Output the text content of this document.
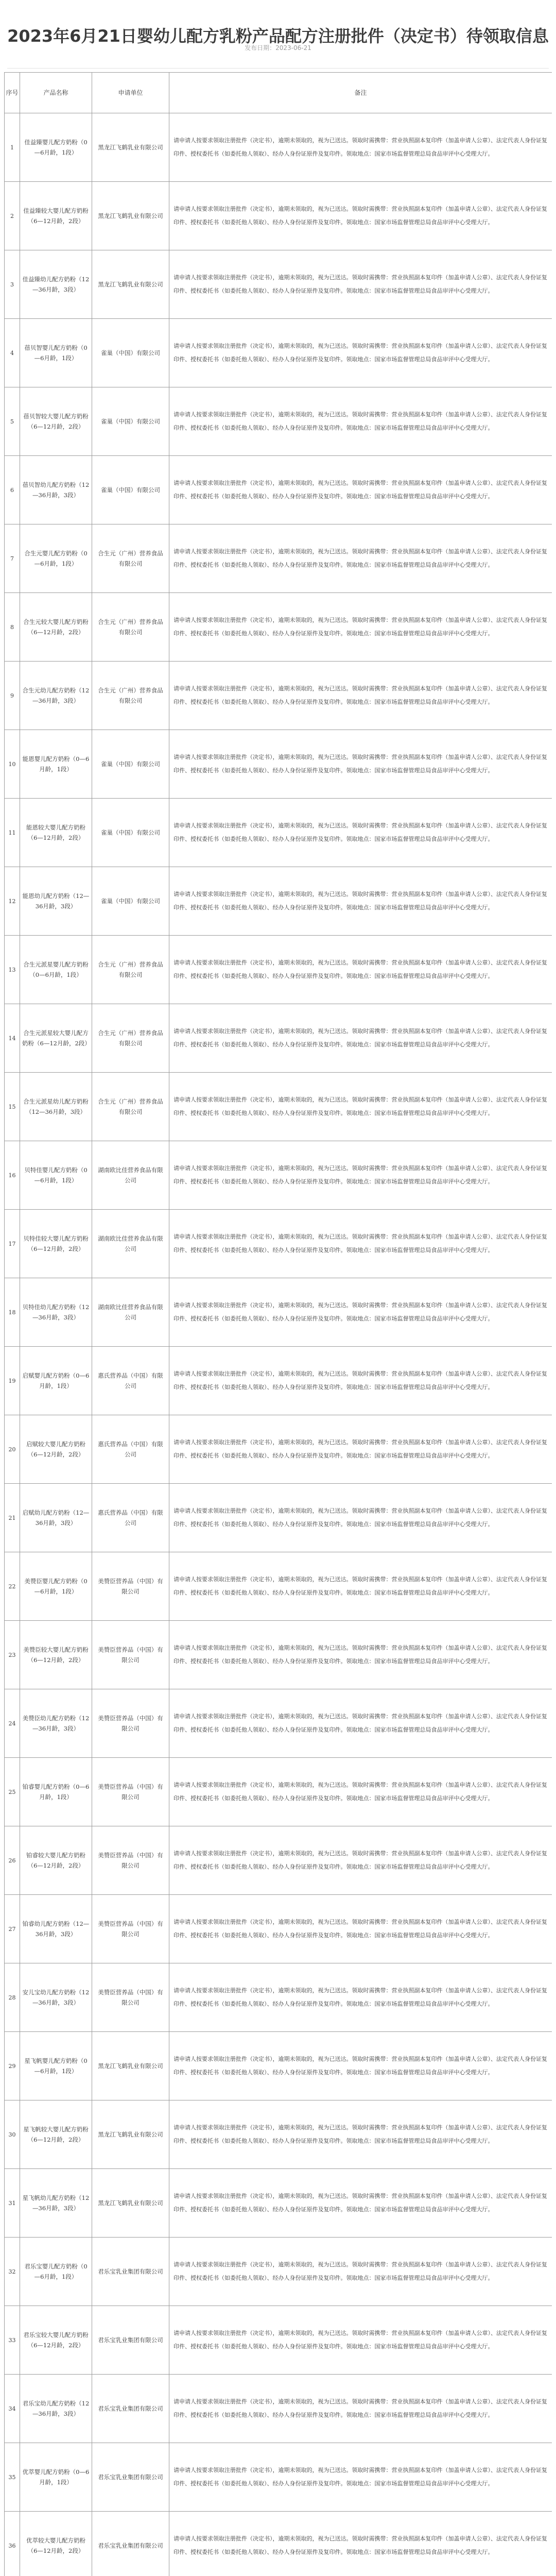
2023年6月21日婴幼儿配方乳粉产品配方注册批件（决定书）待领取信息
发布日期：2023-06-21
序号	产品名称	申请单位	备注
1	佳益臻婴儿配方奶粉（0—6月龄，1段）	黑龙江飞鹤乳业有限公司	请申请人按要求领取注册批件（决定书），逾期未领取的，视为已送达。领取时需携带：营业执照副本复印件（加盖申请人公章）、法定代表人身份证复印件、授权委托书（如委托他人领取）、经办人身份证原件及复印件。领取地点：国家市场监督管理总局食品审评中心受理大厅。
2	佳益臻较大婴儿配方奶粉（6—12月龄，2段）	黑龙江飞鹤乳业有限公司	请申请人按要求领取注册批件（决定书），逾期未领取的，视为已送达。领取时需携带：营业执照副本复印件（加盖申请人公章）、法定代表人身份证复印件、授权委托书（如委托他人领取）、经办人身份证原件及复印件。领取地点：国家市场监督管理总局食品审评中心受理大厅。
3	佳益臻幼儿配方奶粉（12—36月龄，3段）	黑龙江飞鹤乳业有限公司	请申请人按要求领取注册批件（决定书），逾期未领取的，视为已送达。领取时需携带：营业执照副本复印件（加盖申请人公章）、法定代表人身份证复印件、授权委托书（如委托他人领取）、经办人身份证原件及复印件。领取地点：国家市场监督管理总局食品审评中心受理大厅。
4	蓓贝智婴儿配方奶粉（0—6月龄，1段）	雀巢（中国）有限公司	请申请人按要求领取注册批件（决定书），逾期未领取的，视为已送达。领取时需携带：营业执照副本复印件（加盖申请人公章）、法定代表人身份证复印件、授权委托书（如委托他人领取）、经办人身份证原件及复印件。领取地点：国家市场监督管理总局食品审评中心受理大厅。
5	蓓贝智较大婴儿配方奶粉（6—12月龄，2段）	雀巢（中国）有限公司	请申请人按要求领取注册批件（决定书），逾期未领取的，视为已送达。领取时需携带：营业执照副本复印件（加盖申请人公章）、法定代表人身份证复印件、授权委托书（如委托他人领取）、经办人身份证原件及复印件。领取地点：国家市场监督管理总局食品审评中心受理大厅。
6	蓓贝智幼儿配方奶粉（12—36月龄，3段）	雀巢（中国）有限公司	请申请人按要求领取注册批件（决定书），逾期未领取的，视为已送达。领取时需携带：营业执照副本复印件（加盖申请人公章）、法定代表人身份证复印件、授权委托书（如委托他人领取）、经办人身份证原件及复印件。领取地点：国家市场监督管理总局食品审评中心受理大厅。
7	合生元婴儿配方奶粉（0—6月龄，1段）	合生元（广州）营养食品有限公司	请申请人按要求领取注册批件（决定书），逾期未领取的，视为已送达。领取时需携带：营业执照副本复印件（加盖申请人公章）、法定代表人身份证复印件、授权委托书（如委托他人领取）、经办人身份证原件及复印件。领取地点：国家市场监督管理总局食品审评中心受理大厅。
8	合生元较大婴儿配方奶粉（6—12月龄，2段）	合生元（广州）营养食品有限公司	请申请人按要求领取注册批件（决定书），逾期未领取的，视为已送达。领取时需携带：营业执照副本复印件（加盖申请人公章）、法定代表人身份证复印件、授权委托书（如委托他人领取）、经办人身份证原件及复印件。领取地点：国家市场监督管理总局食品审评中心受理大厅。
9	合生元幼儿配方奶粉（12—36月龄，3段）	合生元（广州）营养食品有限公司	请申请人按要求领取注册批件（决定书），逾期未领取的，视为已送达。领取时需携带：营业执照副本复印件（加盖申请人公章）、法定代表人身份证复印件、授权委托书（如委托他人领取）、经办人身份证原件及复印件。领取地点：国家市场监督管理总局食品审评中心受理大厅。
10	能恩婴儿配方奶粉（0—6月龄，1段）	雀巢（中国）有限公司	请申请人按要求领取注册批件（决定书），逾期未领取的，视为已送达。领取时需携带：营业执照副本复印件（加盖申请人公章）、法定代表人身份证复印件、授权委托书（如委托他人领取）、经办人身份证原件及复印件。领取地点：国家市场监督管理总局食品审评中心受理大厅。
11	能恩较大婴儿配方奶粉（6—12月龄，2段）	雀巢（中国）有限公司	请申请人按要求领取注册批件（决定书），逾期未领取的，视为已送达。领取时需携带：营业执照副本复印件（加盖申请人公章）、法定代表人身份证复印件、授权委托书（如委托他人领取）、经办人身份证原件及复印件。领取地点：国家市场监督管理总局食品审评中心受理大厅。
12	能恩幼儿配方奶粉（12—36月龄，3段）	雀巢（中国）有限公司	请申请人按要求领取注册批件（决定书），逾期未领取的，视为已送达。领取时需携带：营业执照副本复印件（加盖申请人公章）、法定代表人身份证复印件、授权委托书（如委托他人领取）、经办人身份证原件及复印件。领取地点：国家市场监督管理总局食品审评中心受理大厅。
13	合生元派星婴儿配方奶粉（0—6月龄，1段）	合生元（广州）营养食品有限公司	请申请人按要求领取注册批件（决定书），逾期未领取的，视为已送达。领取时需携带：营业执照副本复印件（加盖申请人公章）、法定代表人身份证复印件、授权委托书（如委托他人领取）、经办人身份证原件及复印件。领取地点：国家市场监督管理总局食品审评中心受理大厅。
14	合生元派星较大婴儿配方奶粉（6—12月龄，2段）	合生元（广州）营养食品有限公司	请申请人按要求领取注册批件（决定书），逾期未领取的，视为已送达。领取时需携带：营业执照副本复印件（加盖申请人公章）、法定代表人身份证复印件、授权委托书（如委托他人领取）、经办人身份证原件及复印件。领取地点：国家市场监督管理总局食品审评中心受理大厅。
15	合生元派星幼儿配方奶粉（12—36月龄，3段）	合生元（广州）营养食品有限公司	请申请人按要求领取注册批件（决定书），逾期未领取的，视为已送达。领取时需携带：营业执照副本复印件（加盖申请人公章）、法定代表人身份证复印件、授权委托书（如委托他人领取）、经办人身份证原件及复印件。领取地点：国家市场监督管理总局食品审评中心受理大厅。
16	贝特佳婴儿配方奶粉（0—6月龄，1段）	湖南欧比佳营养食品有限公司	请申请人按要求领取注册批件（决定书），逾期未领取的，视为已送达。领取时需携带：营业执照副本复印件（加盖申请人公章）、法定代表人身份证复印件、授权委托书（如委托他人领取）、经办人身份证原件及复印件。领取地点：国家市场监督管理总局食品审评中心受理大厅。
17	贝特佳较大婴儿配方奶粉（6—12月龄，2段）	湖南欧比佳营养食品有限公司	请申请人按要求领取注册批件（决定书），逾期未领取的，视为已送达。领取时需携带：营业执照副本复印件（加盖申请人公章）、法定代表人身份证复印件、授权委托书（如委托他人领取）、经办人身份证原件及复印件。领取地点：国家市场监督管理总局食品审评中心受理大厅。
18	贝特佳幼儿配方奶粉（12—36月龄，3段）	湖南欧比佳营养食品有限公司	请申请人按要求领取注册批件（决定书），逾期未领取的，视为已送达。领取时需携带：营业执照副本复印件（加盖申请人公章）、法定代表人身份证复印件、授权委托书（如委托他人领取）、经办人身份证原件及复印件。领取地点：国家市场监督管理总局食品审评中心受理大厅。
19	启赋婴儿配方奶粉（0—6月龄，1段）	惠氏营养品（中国）有限公司	请申请人按要求领取注册批件（决定书），逾期未领取的，视为已送达。领取时需携带：营业执照副本复印件（加盖申请人公章）、法定代表人身份证复印件、授权委托书（如委托他人领取）、经办人身份证原件及复印件。领取地点：国家市场监督管理总局食品审评中心受理大厅。
20	启赋较大婴儿配方奶粉（6—12月龄，2段）	惠氏营养品（中国）有限公司	请申请人按要求领取注册批件（决定书），逾期未领取的，视为已送达。领取时需携带：营业执照副本复印件（加盖申请人公章）、法定代表人身份证复印件、授权委托书（如委托他人领取）、经办人身份证原件及复印件。领取地点：国家市场监督管理总局食品审评中心受理大厅。
21	启赋幼儿配方奶粉（12—36月龄，3段）	惠氏营养品（中国）有限公司	请申请人按要求领取注册批件（决定书），逾期未领取的，视为已送达。领取时需携带：营业执照副本复印件（加盖申请人公章）、法定代表人身份证复印件、授权委托书（如委托他人领取）、经办人身份证原件及复印件。领取地点：国家市场监督管理总局食品审评中心受理大厅。
22	美赞臣婴儿配方奶粉（0—6月龄，1段）	美赞臣营养品（中国）有限公司	请申请人按要求领取注册批件（决定书），逾期未领取的，视为已送达。领取时需携带：营业执照副本复印件（加盖申请人公章）、法定代表人身份证复印件、授权委托书（如委托他人领取）、经办人身份证原件及复印件。领取地点：国家市场监督管理总局食品审评中心受理大厅。
23	美赞臣较大婴儿配方奶粉（6—12月龄，2段）	美赞臣营养品（中国）有限公司	请申请人按要求领取注册批件（决定书），逾期未领取的，视为已送达。领取时需携带：营业执照副本复印件（加盖申请人公章）、法定代表人身份证复印件、授权委托书（如委托他人领取）、经办人身份证原件及复印件。领取地点：国家市场监督管理总局食品审评中心受理大厅。
24	美赞臣幼儿配方奶粉（12—36月龄，3段）	美赞臣营养品（中国）有限公司	请申请人按要求领取注册批件（决定书），逾期未领取的，视为已送达。领取时需携带：营业执照副本复印件（加盖申请人公章）、法定代表人身份证复印件、授权委托书（如委托他人领取）、经办人身份证原件及复印件。领取地点：国家市场监督管理总局食品审评中心受理大厅。
25	铂睿婴儿配方奶粉（0—6月龄，1段）	美赞臣营养品（中国）有限公司	请申请人按要求领取注册批件（决定书），逾期未领取的，视为已送达。领取时需携带：营业执照副本复印件（加盖申请人公章）、法定代表人身份证复印件、授权委托书（如委托他人领取）、经办人身份证原件及复印件。领取地点：国家市场监督管理总局食品审评中心受理大厅。
26	铂睿较大婴儿配方奶粉（6—12月龄，2段）	美赞臣营养品（中国）有限公司	请申请人按要求领取注册批件（决定书），逾期未领取的，视为已送达。领取时需携带：营业执照副本复印件（加盖申请人公章）、法定代表人身份证复印件、授权委托书（如委托他人领取）、经办人身份证原件及复印件。领取地点：国家市场监督管理总局食品审评中心受理大厅。
27	铂睿幼儿配方奶粉（12—36月龄，3段）	美赞臣营养品（中国）有限公司	请申请人按要求领取注册批件（决定书），逾期未领取的，视为已送达。领取时需携带：营业执照副本复印件（加盖申请人公章）、法定代表人身份证复印件、授权委托书（如委托他人领取）、经办人身份证原件及复印件。领取地点：国家市场监督管理总局食品审评中心受理大厅。
28	安儿宝幼儿配方奶粉（12—36月龄，3段）	美赞臣营养品（中国）有限公司	请申请人按要求领取注册批件（决定书），逾期未领取的，视为已送达。领取时需携带：营业执照副本复印件（加盖申请人公章）、法定代表人身份证复印件、授权委托书（如委托他人领取）、经办人身份证原件及复印件。领取地点：国家市场监督管理总局食品审评中心受理大厅。
29	星飞帆婴儿配方奶粉（0—6月龄，1段）	黑龙江飞鹤乳业有限公司	请申请人按要求领取注册批件（决定书），逾期未领取的，视为已送达。领取时需携带：营业执照副本复印件（加盖申请人公章）、法定代表人身份证复印件、授权委托书（如委托他人领取）、经办人身份证原件及复印件。领取地点：国家市场监督管理总局食品审评中心受理大厅。
30	星飞帆较大婴儿配方奶粉（6—12月龄，2段）	黑龙江飞鹤乳业有限公司	请申请人按要求领取注册批件（决定书），逾期未领取的，视为已送达。领取时需携带：营业执照副本复印件（加盖申请人公章）、法定代表人身份证复印件、授权委托书（如委托他人领取）、经办人身份证原件及复印件。领取地点：国家市场监督管理总局食品审评中心受理大厅。
31	星飞帆幼儿配方奶粉（12—36月龄，3段）	黑龙江飞鹤乳业有限公司	请申请人按要求领取注册批件（决定书），逾期未领取的，视为已送达。领取时需携带：营业执照副本复印件（加盖申请人公章）、法定代表人身份证复印件、授权委托书（如委托他人领取）、经办人身份证原件及复印件。领取地点：国家市场监督管理总局食品审评中心受理大厅。
32	君乐宝婴儿配方奶粉（0—6月龄，1段）	君乐宝乳业集团有限公司	请申请人按要求领取注册批件（决定书），逾期未领取的，视为已送达。领取时需携带：营业执照副本复印件（加盖申请人公章）、法定代表人身份证复印件、授权委托书（如委托他人领取）、经办人身份证原件及复印件。领取地点：国家市场监督管理总局食品审评中心受理大厅。
33	君乐宝较大婴儿配方奶粉（6—12月龄，2段）	君乐宝乳业集团有限公司	请申请人按要求领取注册批件（决定书），逾期未领取的，视为已送达。领取时需携带：营业执照副本复印件（加盖申请人公章）、法定代表人身份证复印件、授权委托书（如委托他人领取）、经办人身份证原件及复印件。领取地点：国家市场监督管理总局食品审评中心受理大厅。
34	君乐宝幼儿配方奶粉（12—36月龄，3段）	君乐宝乳业集团有限公司	请申请人按要求领取注册批件（决定书），逾期未领取的，视为已送达。领取时需携带：营业执照副本复印件（加盖申请人公章）、法定代表人身份证复印件、授权委托书（如委托他人领取）、经办人身份证原件及复印件。领取地点：国家市场监督管理总局食品审评中心受理大厅。
35	优萃婴儿配方奶粉（0—6月龄，1段）	君乐宝乳业集团有限公司	请申请人按要求领取注册批件（决定书），逾期未领取的，视为已送达。领取时需携带：营业执照副本复印件（加盖申请人公章）、法定代表人身份证复印件、授权委托书（如委托他人领取）、经办人身份证原件及复印件。领取地点：国家市场监督管理总局食品审评中心受理大厅。
36	优萃较大婴儿配方奶粉（6—12月龄，2段）	君乐宝乳业集团有限公司	请申请人按要求领取注册批件（决定书），逾期未领取的，视为已送达。领取时需携带：营业执照副本复印件（加盖申请人公章）、法定代表人身份证复印件、授权委托书（如委托他人领取）、经办人身份证原件及复印件。领取地点：国家市场监督管理总局食品审评中心受理大厅。
